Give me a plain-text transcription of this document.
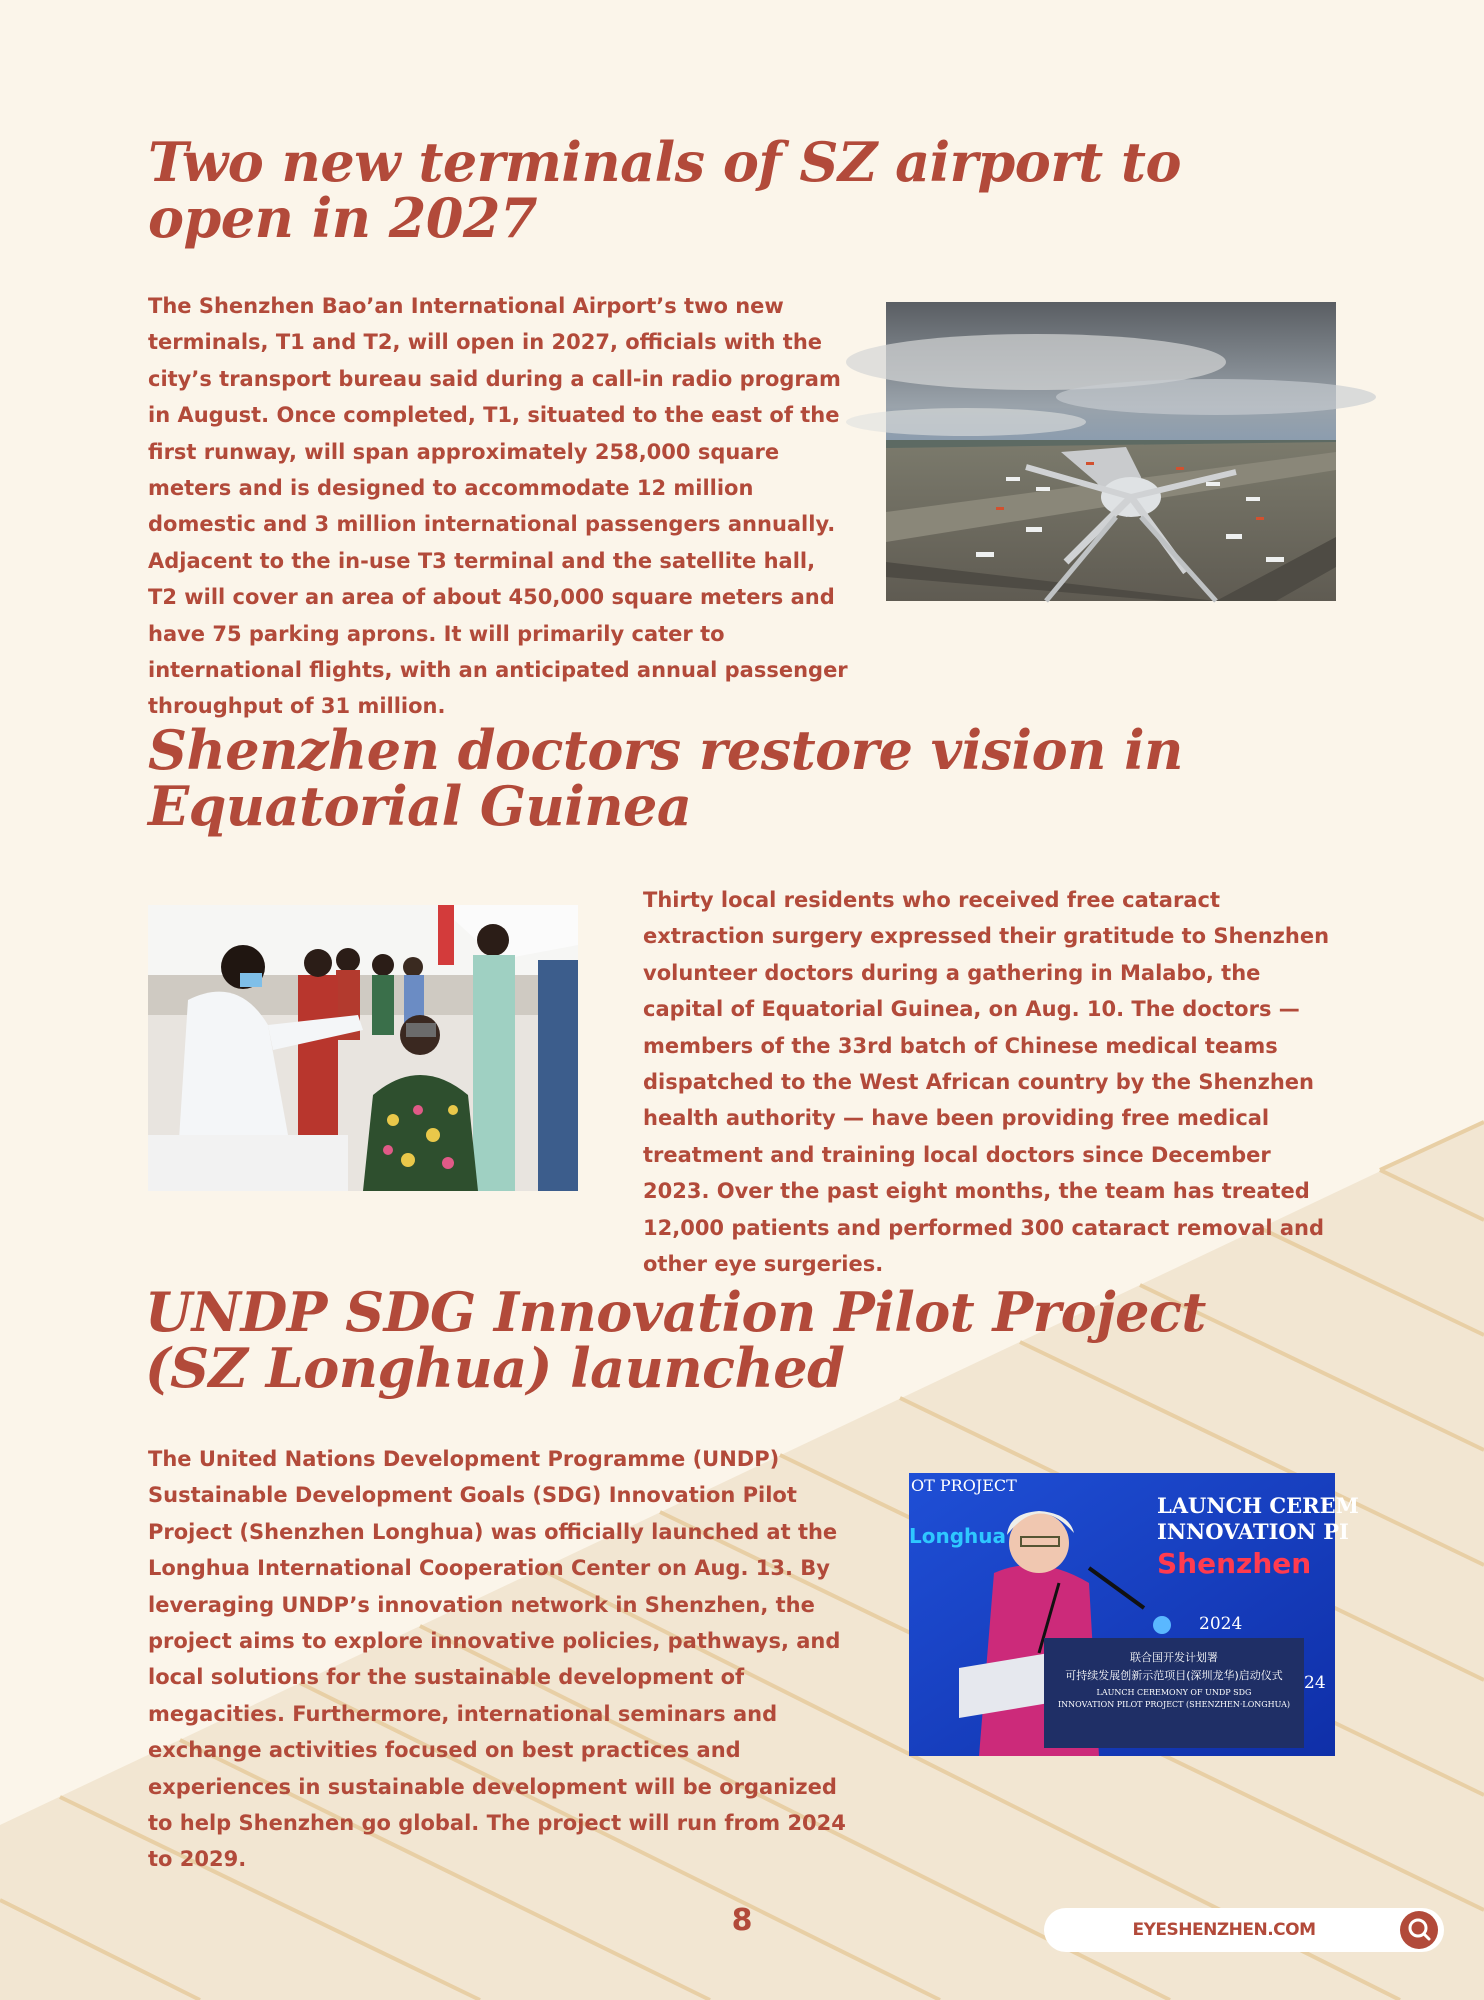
Two new terminals of SZ airport to open in 2027

The Shenzhen Bao’an International Airport’s two new terminals, T1 and T2, will open in 2027, officials with the city’s transport bureau said during a call-in radio program in August. Once completed, T1, situated to the east of the first runway, will span approximately 258,000 square meters and is designed to accommodate 12 million domestic and 3 million international passengers annually. Adjacent to the in-use T3 terminal and the satellite hall, T2 will cover an area of about 450,000 square meters and have 75 parking aprons. It will primarily cater to international flights, with an anticipated annual passenger throughput of 31 million.

Shenzhen doctors restore vision in Equatorial Guinea

Thirty local residents who received free cataract extraction surgery expressed their gratitude to Shenzhen volunteer doctors during a gathering in Malabo, the capital of Equatorial Guinea, on Aug. 10. The doctors — members of the 33rd batch of Chinese medical teams dispatched to the West African country by the Shenzhen health authority — have been providing free medical treatment and training local doctors since December 2023. Over the past eight months, the team has treated 12,000 patients and performed 300 cataract removal and other eye surgeries.

UNDP SDG Innovation Pilot Project (SZ Longhua) launched

The United Nations Development Programme (UNDP) Sustainable Development Goals (SDG) Innovation Pilot Project (Shenzhen Longhua) was officially launched at the Longhua International Cooperation Center on Aug. 13. By leveraging UNDP’s innovation network in Shenzhen, the project aims to explore innovative policies, pathways, and local solutions for the sustainable development of megacities. Furthermore, international seminars and exchange activities focused on best practices and experiences in sustainable development will be organized to help Shenzhen go global. The project will run from 2024 to 2029.

OT PROJECT
Longhua
LAUNCH CEREM
INNOVATION PI
Shenzhen
2024
24
联合国开发计划署
可持续发展创新示范项目(深圳龙华)启动仪式
LAUNCH CEREMONY OF UNDP SDG
INNOVATION PILOT PROJECT (SHENZHEN·LONGHUA)
8	EYESHENZHEN.COM
